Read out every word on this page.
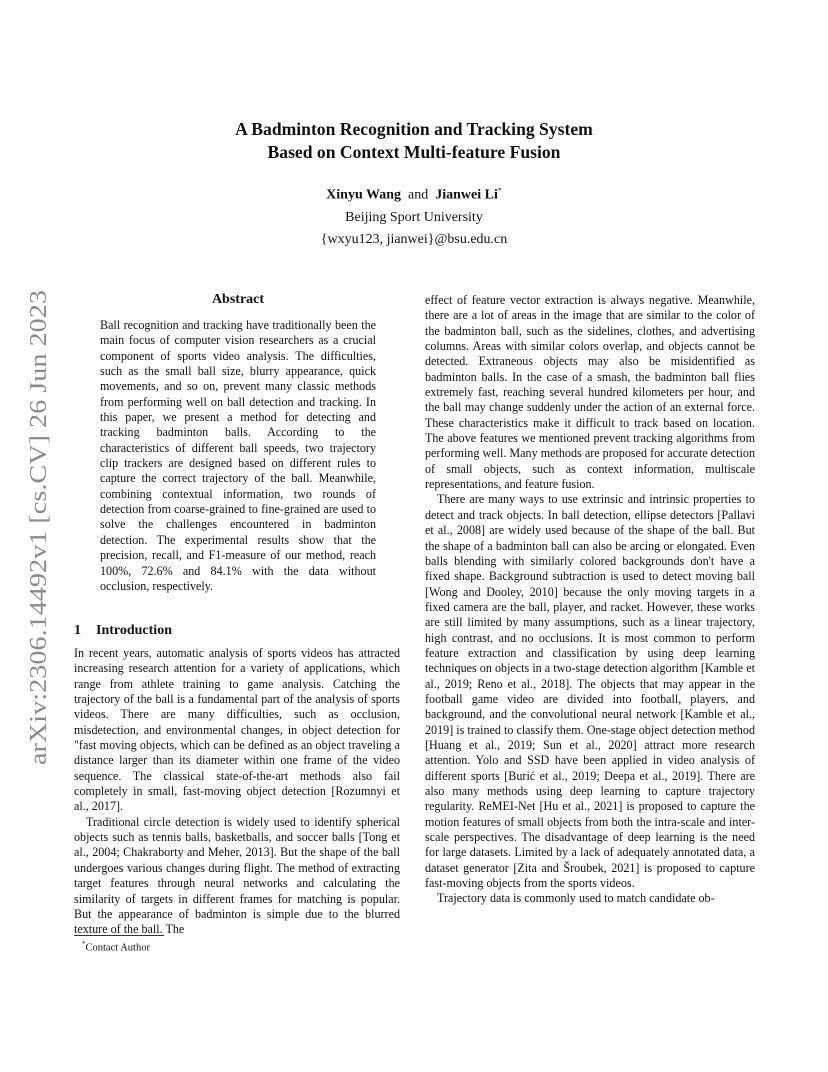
arXiv:2306.14492v1 [cs.CV] 26 Jun 2023
A Badminton Recognition and Tracking System
Based on Context Multi-feature Fusion
Xinyu Wang and Jianwei Li*
Beijing Sport University
{wxyu123, jianwei}@bsu.edu.cn
Abstract

Ball recognition and tracking have traditionally been the main focus of computer vision researchers as a crucial component of sports video analysis. The difficulties, such as the small ball size, blurry appearance, quick movements, and so on, prevent many classic methods from performing well on ball detection and tracking. In this paper, we present a method for detecting and tracking badminton balls. According to the characteristics of different ball speeds, two trajectory clip trackers are designed based on different rules to capture the correct trajectory of the ball. Meanwhile, combining contextual information, two rounds of detection from coarse-grained to fine-grained are used to solve the challenges encountered in badminton detection. The experimental results show that the precision, recall, and F1-measure of our method, reach 100%, 72.6% and 84.1% with the data without occlusion, respectively.

1 Introduction

In recent years, automatic analysis of sports videos has attracted increasing research attention for a variety of applications, which range from athlete training to game analysis. Catching the trajectory of the ball is a fundamental part of the analysis of sports videos. There are many difficulties, such as occlusion, misdetection, and environmental changes, in object detection for "fast moving objects, which can be defined as an object traveling a distance larger than its diameter within one frame of the video sequence. The classical state-of-the-art methods also fail completely in small, fast-moving object detection [Rozumnyi et al., 2017].

Traditional circle detection is widely used to identify spherical objects such as tennis balls, basketballs, and soccer balls [Tong et al., 2004; Chakraborty and Meher, 2013]. But the shape of the ball undergoes various changes during flight. The method of extracting target features through neural networks and calculating the similarity of targets in different frames for matching is popular. But the appearance of badminton is simple due to the blurred texture of the ball. The

*Contact Author

effect of feature vector extraction is always negative. Meanwhile, there are a lot of areas in the image that are similar to the color of the badminton ball, such as the sidelines, clothes, and advertising columns. Areas with similar colors overlap, and objects cannot be detected. Extraneous objects may also be misidentified as badminton balls. In the case of a smash, the badminton ball flies extremely fast, reaching several hundred kilometers per hour, and the ball may change suddenly under the action of an external force. These characteristics make it difficult to track based on location. The above features we mentioned prevent tracking algorithms from performing well. Many methods are proposed for accurate detection of small objects, such as context information, multiscale representations, and feature fusion.

There are many ways to use extrinsic and intrinsic properties to detect and track objects. In ball detection, ellipse detectors [Pallavi et al., 2008] are widely used because of the shape of the ball. But the shape of a badminton ball can also be arcing or elongated. Even balls blending with similarly colored backgrounds don't have a fixed shape. Background subtraction is used to detect moving ball [Wong and Dooley, 2010] because the only moving targets in a fixed camera are the ball, player, and racket. However, these works are still limited by many assumptions, such as a linear trajectory, high contrast, and no occlusions. It is most common to perform feature extraction and classification by using deep learning techniques on objects in a two-stage detection algorithm [Kamble et al., 2019; Reno et al., 2018]. The objects that may appear in the football game video are divided into football, players, and background, and the convolutional neural network [Kamble et al., 2019] is trained to classify them. One-stage object detection method [Huang et al., 2019; Sun et al., 2020] attract more research attention. Yolo and SSD have been applied in video analysis of different sports [Burić et al., 2019; Deepa et al., 2019]. There are also many methods using deep learning to capture trajectory regularity. ReMEI-Net [Hu et al., 2021] is proposed to capture the motion features of small objects from both the intra-scale and inter-scale perspectives. The disadvantage of deep learning is the need for large datasets. Limited by a lack of adequately annotated data, a dataset generator [Zita and Šroubek, 2021] is proposed to capture fast-moving objects from the sports videos.

Trajectory data is commonly used to match candidate ob-
